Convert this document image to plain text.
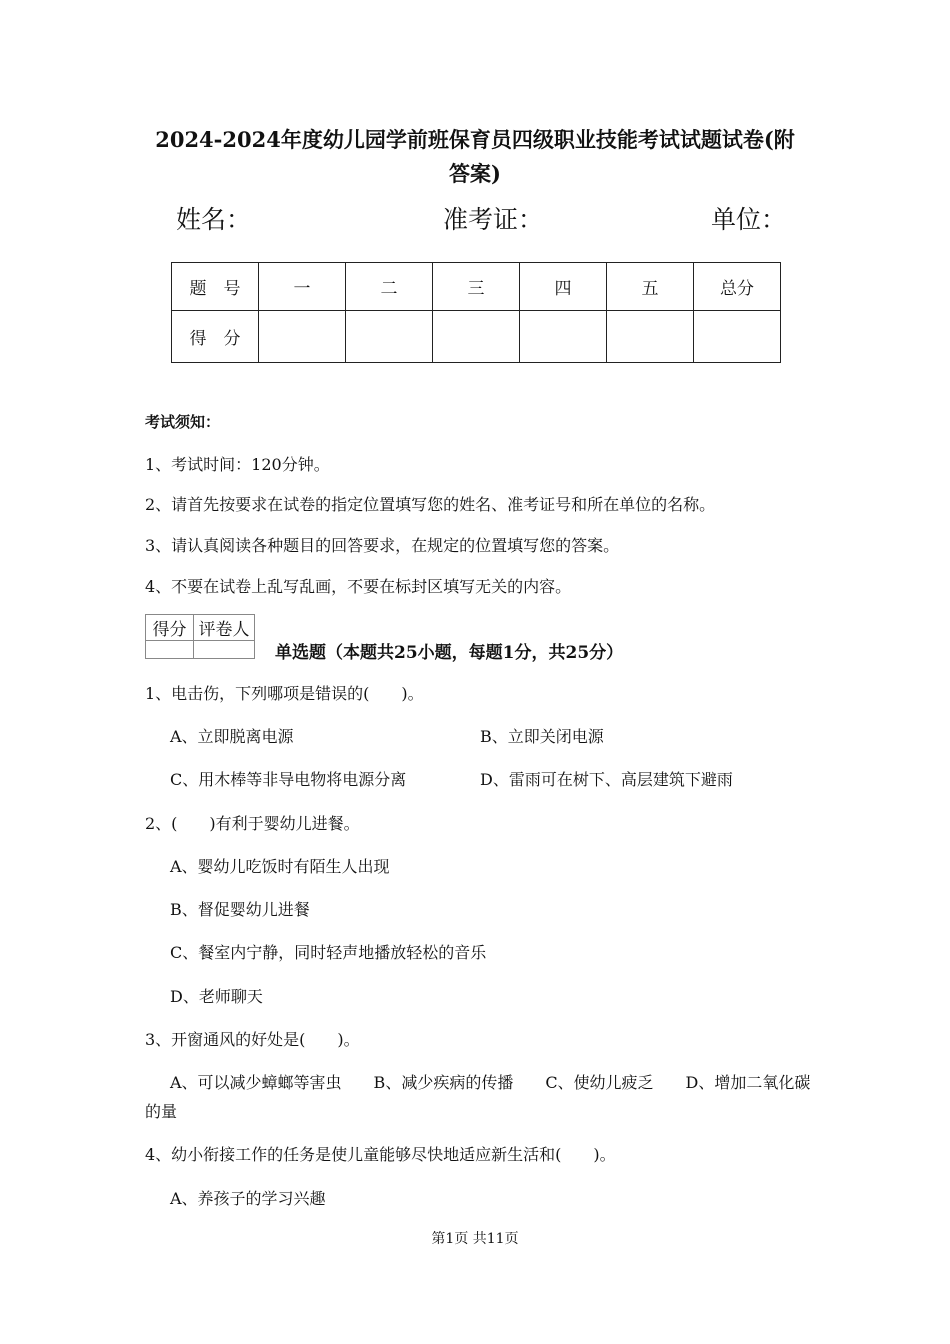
2024-2024年度幼儿园学前班保育员四级职业技能考试试题试卷(附
答案)
姓名：	准考证：	单位：
题　号	一	二	三	四	五	总分
得　分						
考试须知：
1、考试时间：120分钟。
2、请首先按要求在试卷的指定位置填写您的姓名、准考证号和所在单位的名称。
3、请认真阅读各种题目的回答要求，在规定的位置填写您的答案。
4、不要在试卷上乱写乱画，不要在标封区填写无关的内容。
得分	评卷人

单选题（本题共25小题，每题1分，共25分）
1、电击伤，下列哪项是错误的(　　)。
A、立即脱离电源	B、立即关闭电源
C、用木棒等非导电物将电源分离	D、雷雨可在树下、高层建筑下避雨
2、(　　)有利于婴幼儿进餐。
A、婴幼儿吃饭时有陌生人出现
B、督促婴幼儿进餐
C、餐室内宁静，同时轻声地播放轻松的音乐
D、老师聊天
3、开窗通风的好处是(　　)。
A、可以减少蟑螂等害虫　　B、减少疾病的传播　　C、使幼儿疲乏　　D、增加二氧化碳
的量
4、幼小衔接工作的任务是使儿童能够尽快地适应新生活和(　　)。
A、养孩子的学习兴趣
第1页 共11页
